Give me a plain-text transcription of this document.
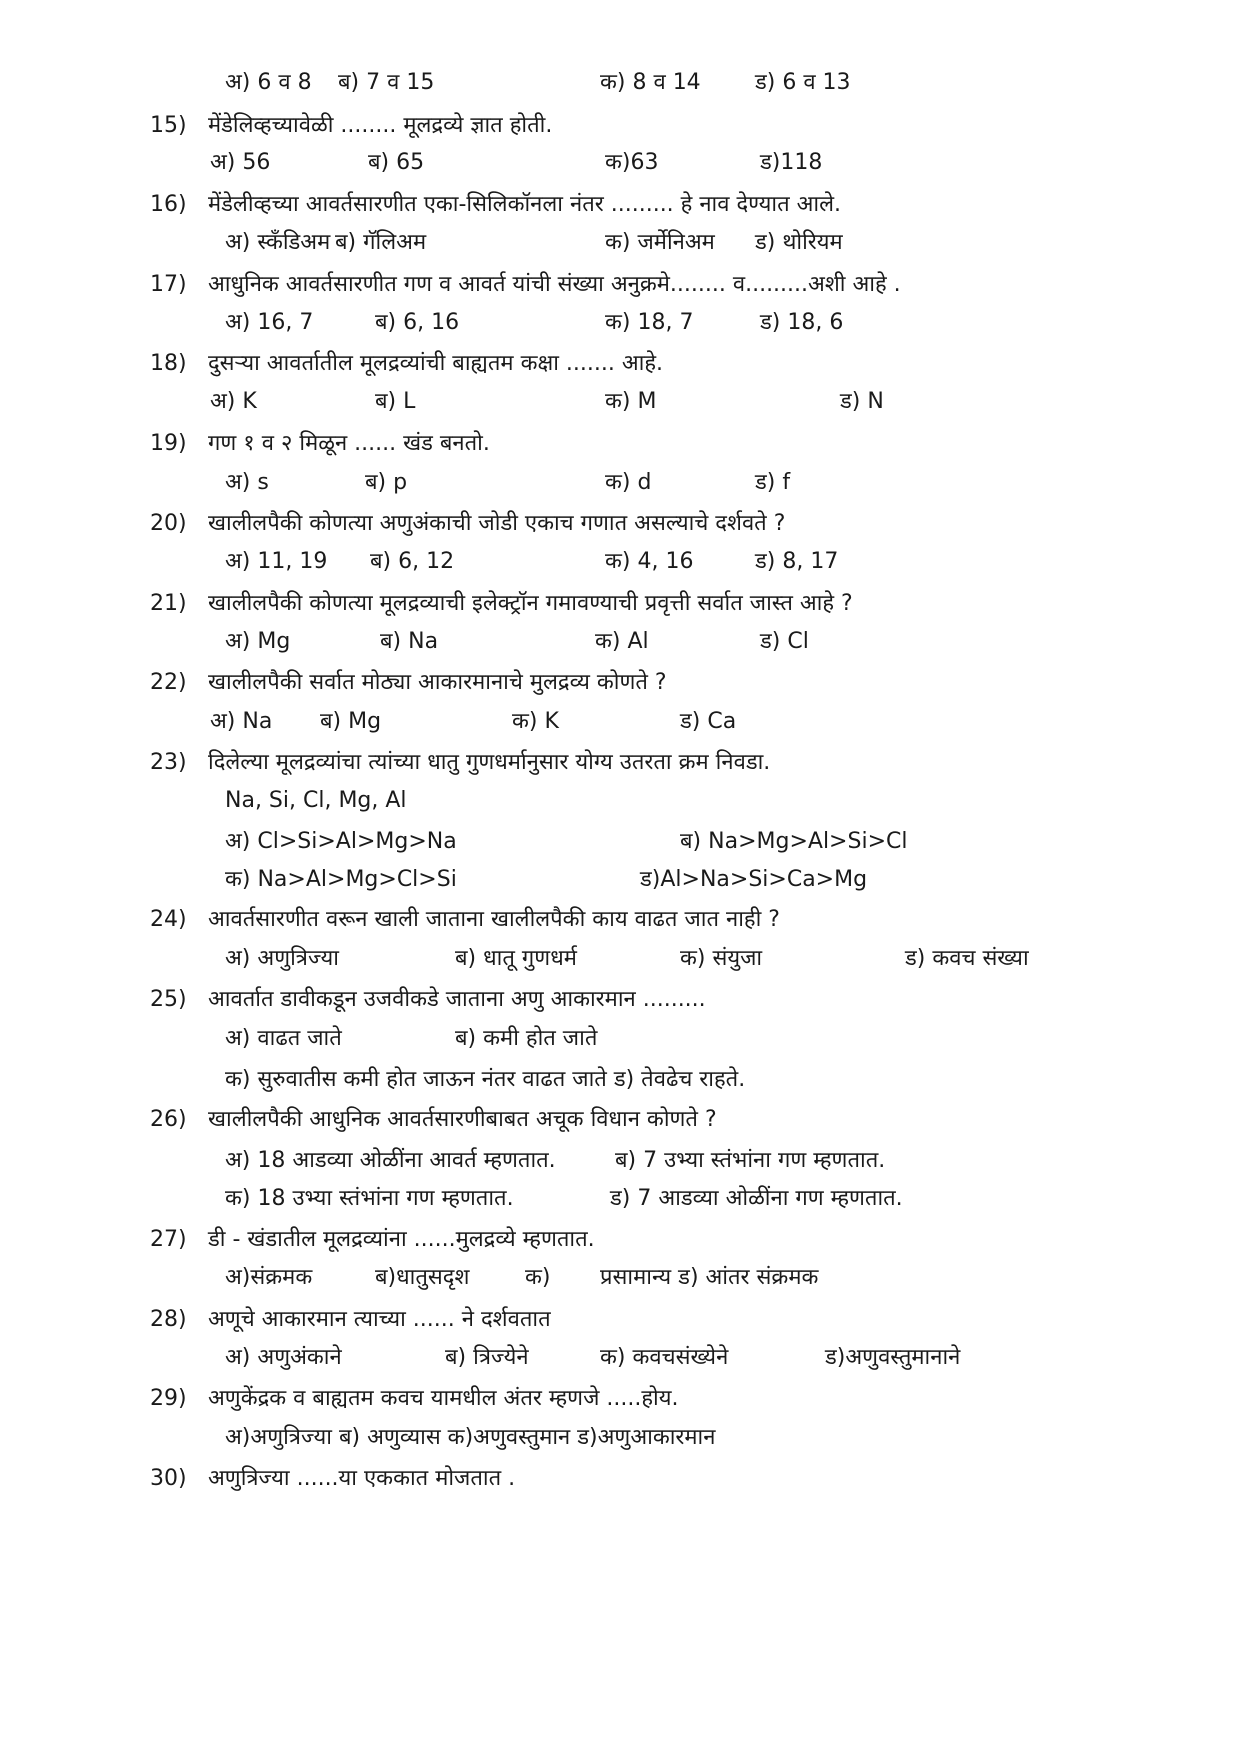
अ) 6 व 8 ब) 7 व 15	क) 8 व 14 ड) 6 व 13
15) मेंडेलिव्हच्यावेळी ........ मूलद्रव्ये ज्ञात होती.
अ) 56	ब) 65	क)63	ड)118
16) मेंडेलीव्हच्या आवर्तसारणीत एका-सिलिकॉनला नंतर ......... हे नाव देण्यात आले.
अ) स्कँडिअम ब) गॅलिअम	क) जर्मेनिअम ड) थोरियम
17) आधुनिक आवर्तसारणीत गण व आवर्त यांची संख्या अनुक्रमे........ व.........अशी आहे .
अ) 16, 7	ब) 6, 16	क) 18, 7	ड) 18, 6
18) दुसऱ्या आवर्तातील मूलद्रव्यांची बाह्यतम कक्षा ....... आहे.
अ) K	ब) L	क) M	ड) N
19) गण १ व २ मिळून ...... खंड बनतो.
अ) s	ब) p	क) d	ड) f
20) खालीलपैकी कोणत्या अणुअंकाची जोडी एकाच गणात असल्याचे दर्शवते ?
अ) 11, 19 ब) 6, 12	क) 4, 16	ड) 8, 17
21) खालीलपैकी कोणत्या मूलद्रव्याची इलेक्ट्रॉन गमावण्याची प्रवृत्ती सर्वात जास्त आहे ?
अ) Mg	ब) Na	क) Al	ड) Cl
22) खालीलपैकी सर्वात मोठ्या आकारमानाचे मुलद्रव्य कोणते ?
अ) Na ब) Mg	क) K	ड) Ca
23) दिलेल्या मूलद्रव्यांचा त्यांच्या धातु गुणधर्मानुसार योग्य उतरता क्रम निवडा.
Na, Si, Cl, Mg, Al
अ) Cl>Si>Al>Mg>Na	ब) Na>Mg>Al>Si>Cl
क) Na>Al>Mg>Cl>Si	ड)Al>Na>Si>Ca>Mg
24) आवर्तसारणीत वरून खाली जाताना खालीलपैकी काय वाढत जात नाही ?
अ) अणुत्रिज्या	ब) धातू गुणधर्म	क) संयुजा	ड) कवच संख्या
25) आवर्तात डावीकडून उजवीकडे जाताना अणु आकारमान .........
अ) वाढत जाते	ब) कमी होत जाते
क) सुरुवातीस कमी होत जाऊन नंतर वाढत जाते ड) तेवढेच राहते.
26) खालीलपैकी आधुनिक आवर्तसारणीबाबत अचूक विधान कोणते ?
अ) 18 आडव्या ओळींना आवर्त म्हणतात.	ब) 7 उभ्या स्तंभांना गण म्हणतात.
क) 18 उभ्या स्तंभांना गण म्हणतात.	ड) 7 आडव्या ओळींना गण म्हणतात.
27) डी - खंडातील मूलद्रव्यांना ......मुलद्रव्ये म्हणतात.
अ)संक्रमक	ब)धातुसदृश	क) प्रसामान्य ड) आंतर संक्रमक
28) अणूचे आकारमान त्याच्या ...... ने दर्शवतात
अ) अणुअंकाने	ब) त्रिज्येने	क) कवचसंख्येने	ड)अणुवस्तुमानाने
29) अणुकेंद्रक व बाह्यतम कवच यामधील अंतर म्हणजे .....होय.
अ)अणुत्रिज्या ब) अणुव्यास क)अणुवस्तुमान ड)अणुआकारमान
30) अणुत्रिज्या ......या एककात मोजतात .
